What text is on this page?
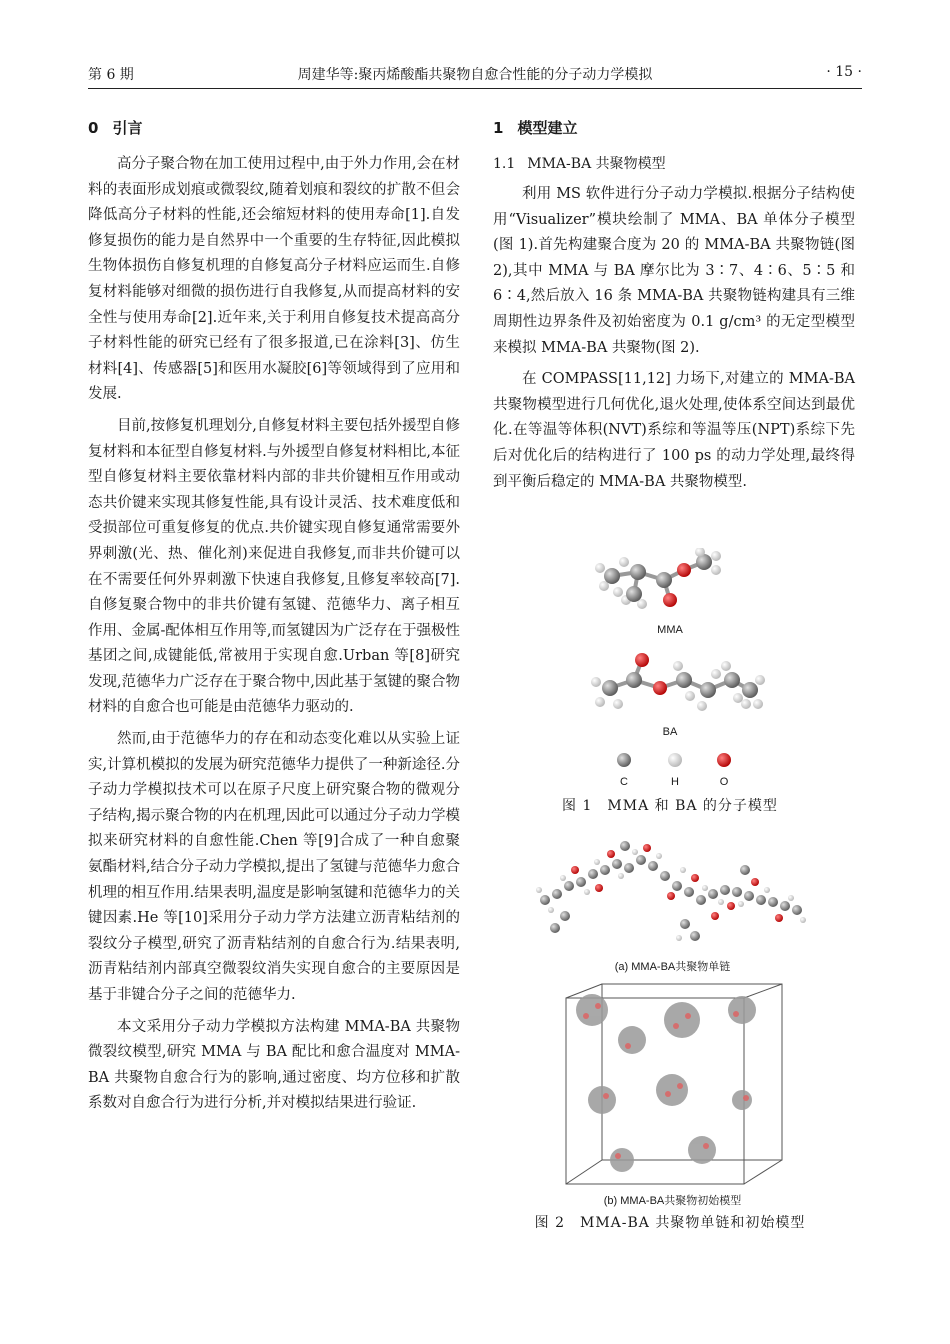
第 6 期	周建华等:聚丙烯酸酯共聚物自愈合性能的分子动力学模拟	· 15 ·
0 引言

高分子聚合物在加工使用过程中,由于外力作用,会在材料的表面形成划痕或微裂纹,随着划痕和裂纹的扩散不但会降低高分子材料的性能,还会缩短材料的使用寿命[1].自发修复损伤的能力是自然界中一个重要的生存特征,因此模拟生物体损伤自修复机理的自修复高分子材料应运而生.自修复材料能够对细微的损伤进行自我修复,从而提高材料的安全性与使用寿命[2].近年来,关于利用自修复技术提高高分子材料性能的研究已经有了很多报道,已在涂料[3]、仿生材料[4]、传感器[5]和医用水凝胶[6]等领域得到了应用和发展.

目前,按修复机理划分,自修复材料主要包括外援型自修复材料和本征型自修复材料.与外援型自修复材料相比,本征型自修复材料主要依靠材料内部的非共价键相互作用或动态共价键来实现其修复性能,具有设计灵活、技术难度低和受损部位可重复修复的优点.共价键实现自修复通常需要外界刺激(光、热、催化剂)来促进自我修复,而非共价键可以在不需要任何外界刺激下快速自我修复,且修复率较高[7].自修复聚合物中的非共价键有氢键、范德华力、离子相互作用、金属-配体相互作用等,而氢键因为广泛存在于强极性基团之间,成键能低,常被用于实现自愈.Urban 等[8]研究发现,范德华力广泛存在于聚合物中,因此基于氢键的聚合物材料的自愈合也可能是由范德华力驱动的.

然而,由于范德华力的存在和动态变化难以从实验上证实,计算机模拟的发展为研究范德华力提供了一种新途径.分子动力学模拟技术可以在原子尺度上研究聚合物的微观分子结构,揭示聚合物的内在机理,因此可以通过分子动力学模拟来研究材料的自愈性能.Chen 等[9]合成了一种自愈聚氨酯材料,结合分子动力学模拟,提出了氢键与范德华力愈合机理的相互作用.结果表明,温度是影响氢键和范德华力的关键因素.He 等[10]采用分子动力学方法建立沥青粘结剂的裂纹分子模型,研究了沥青粘结剂的自愈合行为.结果表明,沥青粘结剂内部真空微裂纹消失实现自愈合的主要原因是基于非键合分子之间的范德华力.

本文采用分子动力学模拟方法构建 MMA-BA 共聚物微裂纹模型,研究 MMA 与 BA 配比和愈合温度对 MMA-BA 共聚物自愈合行为的影响,通过密度、均方位移和扩散系数对自愈合行为进行分析,并对模拟结果进行验证.

1 模型建立
1.1 MMA-BA 共聚物模型

利用 MS 软件进行分子动力学模拟.根据分子结构使用“Visualizer”模块绘制了 MMA、BA 单体分子模型(图 1).首先构建聚合度为 20 的 MMA-BA 共聚物链(图 2),其中 MMA 与 BA 摩尔比为 3∶7、4∶6、5∶5 和 6∶4,然后放入 16 条 MMA-BA 共聚物链构建具有三维周期性边界条件及初始密度为 0.1 g/cm³ 的无定型模型来模拟 MMA-BA 共聚物(图 2).

在 COMPASS[11,12] 力场下,对建立的 MMA-BA 共聚物模型进行几何优化,退火处理,使体系空间达到最优化.在等温等体积(NVT)系综和等温等压(NPT)系综下先后对优化后的结构进行了 100 ps 的动力学处理,最终得到平衡后稳定的 MMA-BA 共聚物模型.

MMA
BA
C	H	O
图 1　MMA 和 BA 的分子模型
(a) MMA-BA共聚物单链
(b) MMA-BA共聚物初始模型
图 2　MMA-BA 共聚物单链和初始模型
